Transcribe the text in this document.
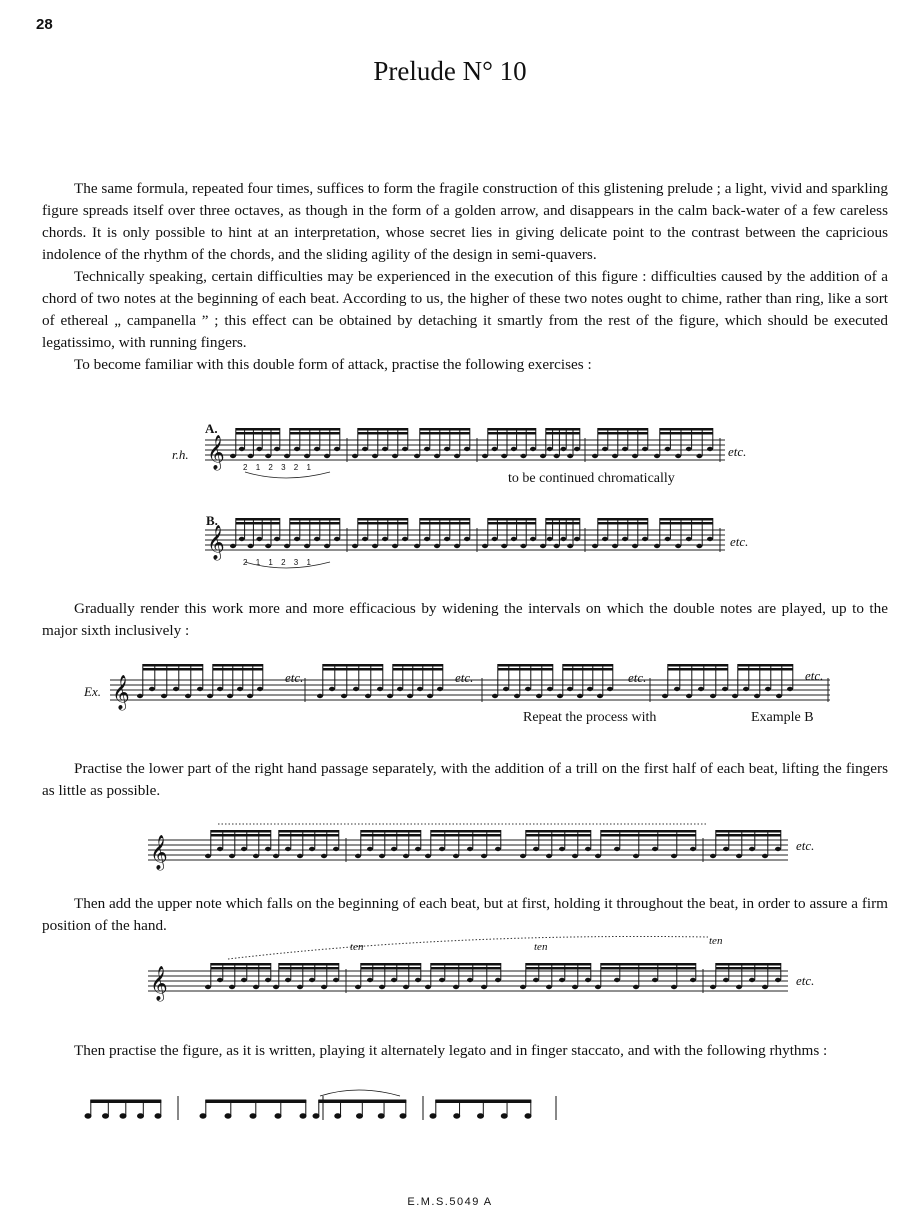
28
Prelude N° 10

The same formula, repeated four times, suffices to form the fragile construction of this glistening prelude ; a light, vivid and sparkling figure spreads itself over three octaves, as though in the form of a golden arrow, and disappears in the calm back-water of a few careless chords. It is only possible to hint at an interpretation, whose secret lies in giving delicate point to the contrast between the capricious indolence of the rhythm of the chords, and the sliding agility of the design in semi-quavers.

Technically speaking, certain difficulties may be experienced in the execution of this figure : difficulties caused by the addition of a chord of two notes at the beginning of each beat. According to us, the higher of these two notes ought to chime, rather than ring, like a sort of ethereal „ campanella ” ; this effect can be obtained by detaching it smartly from the rest of the figure, which should be executed legatissimo, with running fingers.

To become familiar with this double form of attack, practise the following exercises :

A.
r.h. 𝄞	etc.
to be continued chromatically
2 1 2 3 2 1
B.
𝄞	etc.
2 1 1 2 3 1

Gradually render this work more and more efficacious by widening the intervals on which the double notes are played, up to the major sixth inclusively :

Ex. 𝄞	etc.	etc.	etc.	etc.
Repeat the process with	Example B

Practise the lower part of the right hand passage separately, with the addition of a trill on the first half of each beat, lifting the fingers as little as possible.

𝄞	etc.

Then add the upper note which falls on the beginning of each beat, but at first, holding it throughout the beat, in order to assure a firm position of the hand.

𝄞
ten	ten	ten
etc.

Then practise the figure, as it is written, playing it alternately legato and in finger staccato, and with the following rhythms :

E.M.S.5049 A
